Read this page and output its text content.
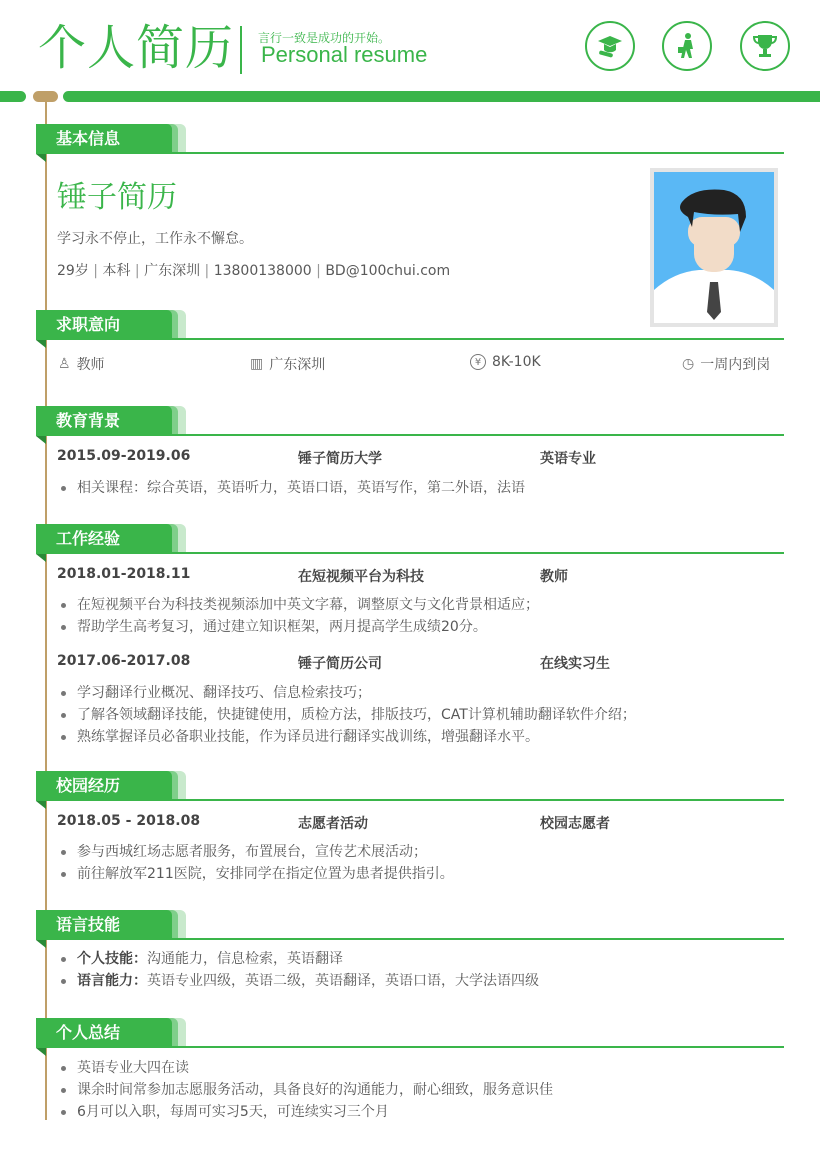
个人简历 言行一致是成功的开始。
Personal resume
基本信息
锤子简历
学习永不停止，工作永不懈怠。
29岁 | 本科 | 广东深圳 | 13800138000 | BD@100chui.com
求职意向
♙ 教师	▥ 广东深圳	¥ 8K-10K	◷ 一周内到岗
教育背景
2015.09-2019.06	锤子简历大学	英语专业
相关课程：综合英语，英语听力，英语口语，英语写作，第二外语，法语
工作经验
2018.01-2018.11	在短视频平台为科技	教师
在短视频平台为科技类视频添加中英文字幕，调整原文与文化背景相适应；
帮助学生高考复习，通过建立知识框架，两月提高学生成绩20分。
2017.06-2017.08	锤子简历公司	在线实习生
学习翻译行业概况、翻译技巧、信息检索技巧；
了解各领域翻译技能，快捷键使用，质检方法，排版技巧，CAT计算机辅助翻译软件介绍；
熟练掌握译员必备职业技能，作为译员进行翻译实战训练，增强翻译水平。
校园经历
2018.05 - 2018.08	志愿者活动	校园志愿者
参与西城红场志愿者服务，布置展台，宣传艺术展活动；
前往解放军211医院，安排同学在指定位置为患者提供指引。
语言技能
个人技能：沟通能力，信息检索，英语翻译
语言能力：英语专业四级，英语二级，英语翻译，英语口语，大学法语四级
个人总结
英语专业大四在读
课余时间常参加志愿服务活动，具备良好的沟通能力，耐心细致，服务意识佳
6月可以入职，每周可实习5天，可连续实习三个月
